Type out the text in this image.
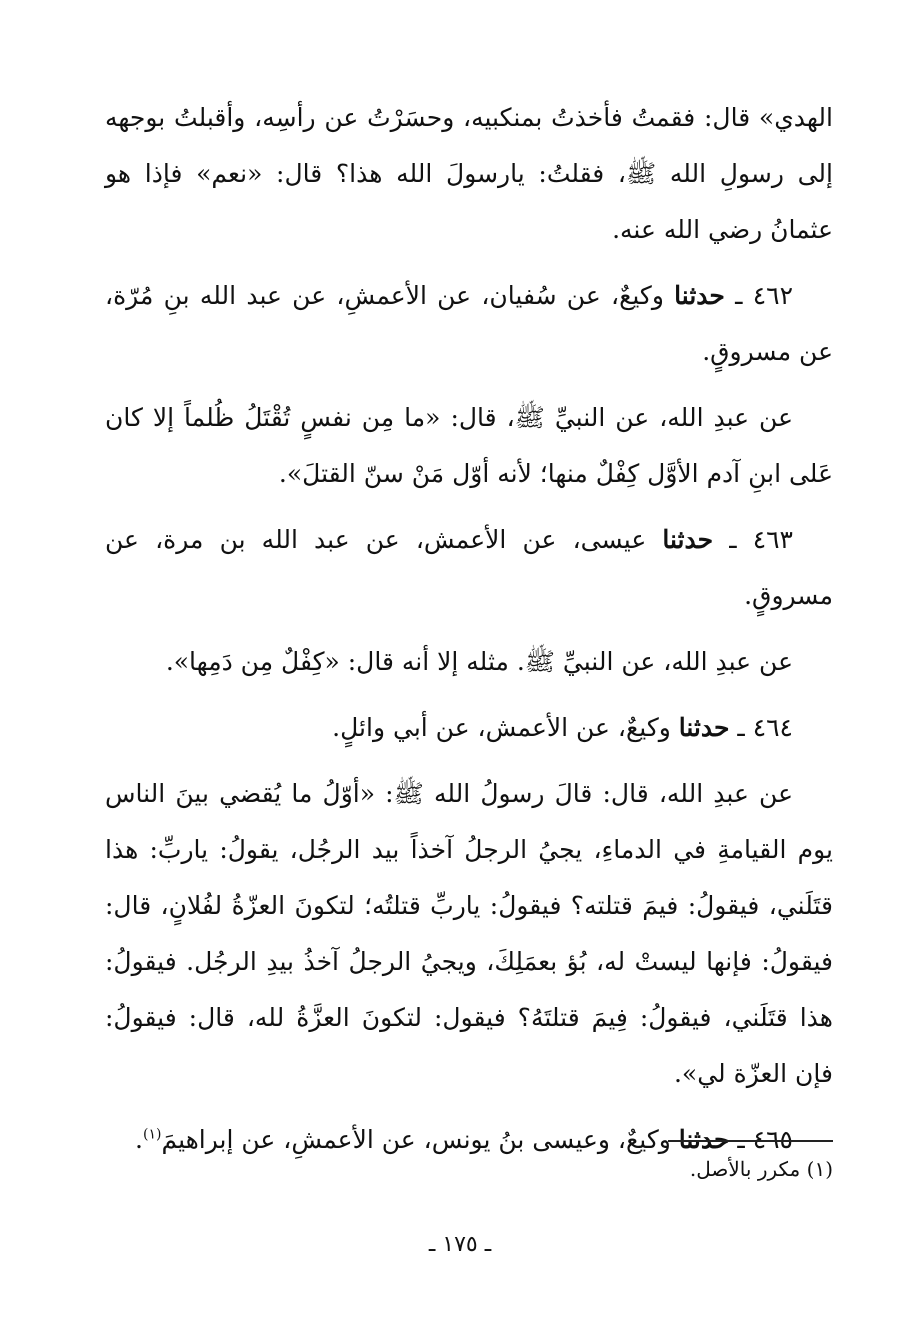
الهدي» قال: فقمتُ فأخذتُ بمنكبيه، وحسَرْتُ عن رأسِه، وأقبلتُ بوجهه إلى رسولِ الله ﷺ، فقلتُ: يارسولَ الله هذا؟ قال: «نعم» فإذا هو عثمانُ رضي الله عنه.

٤٦٢ ـ حدثنا وكيعٌ، عن سُفيان، عن الأعمشِ، عن عبد الله بنِ مُرّة، عن مسروقٍ.

عن عبدِ الله، عن النبيِّ ﷺ، قال: «ما مِن نفسٍ تُقْتَلُ ظُلماً إلا كان عَلى ابنِ آدم الأوَّل كِفْلٌ منها؛ لأنه أوّل مَنْ سنّ القتلَ».

٤٦٣ ـ حدثنا عيسى، عن الأعمش، عن عبد الله بن مرة، عن مسروقٍ.

عن عبدِ الله، عن النبيِّ ﷺ. مثله إلا أنه قال: «كِفْلٌ مِن دَمِها».

٤٦٤ ـ حدثنا وكيعٌ، عن الأعمش، عن أبي وائلٍ.

عن عبدِ الله، قال: قالَ رسولُ الله ﷺ: «أوّلُ ما يُقضي بينَ الناس يوم القيامةِ في الدماءِ، يجيُ الرجلُ آخذاً بيد الرجُل، يقولُ: ياربِّ: هذا قتَلَني، فيقولُ: فيمَ قتلته؟ فيقولُ: ياربِّ قتلتُه؛ لتكونَ العزّةُ لفُلانٍ، قال: فيقولُ: فإنها ليستْ له، بُؤ بعمَلِكَ، ويجيُ الرجلُ آخذُ بيدِ الرجُل. فيقولُ: هذا قتَلَني، فيقولُ: فِيمَ قتلتَهُ؟ فيقول: لتكونَ العزَّةُ لله، قال: فيقولُ: فإن العزّة لي».

٤٦٥ ـ حدثنا وكيعٌ، وعيسى بنُ يونس، عن الأعمشِ، عن إبراهيمَ$^{(١)}$.

(١) مكرر بالأصل.

ـ ١٧٥ ـ
